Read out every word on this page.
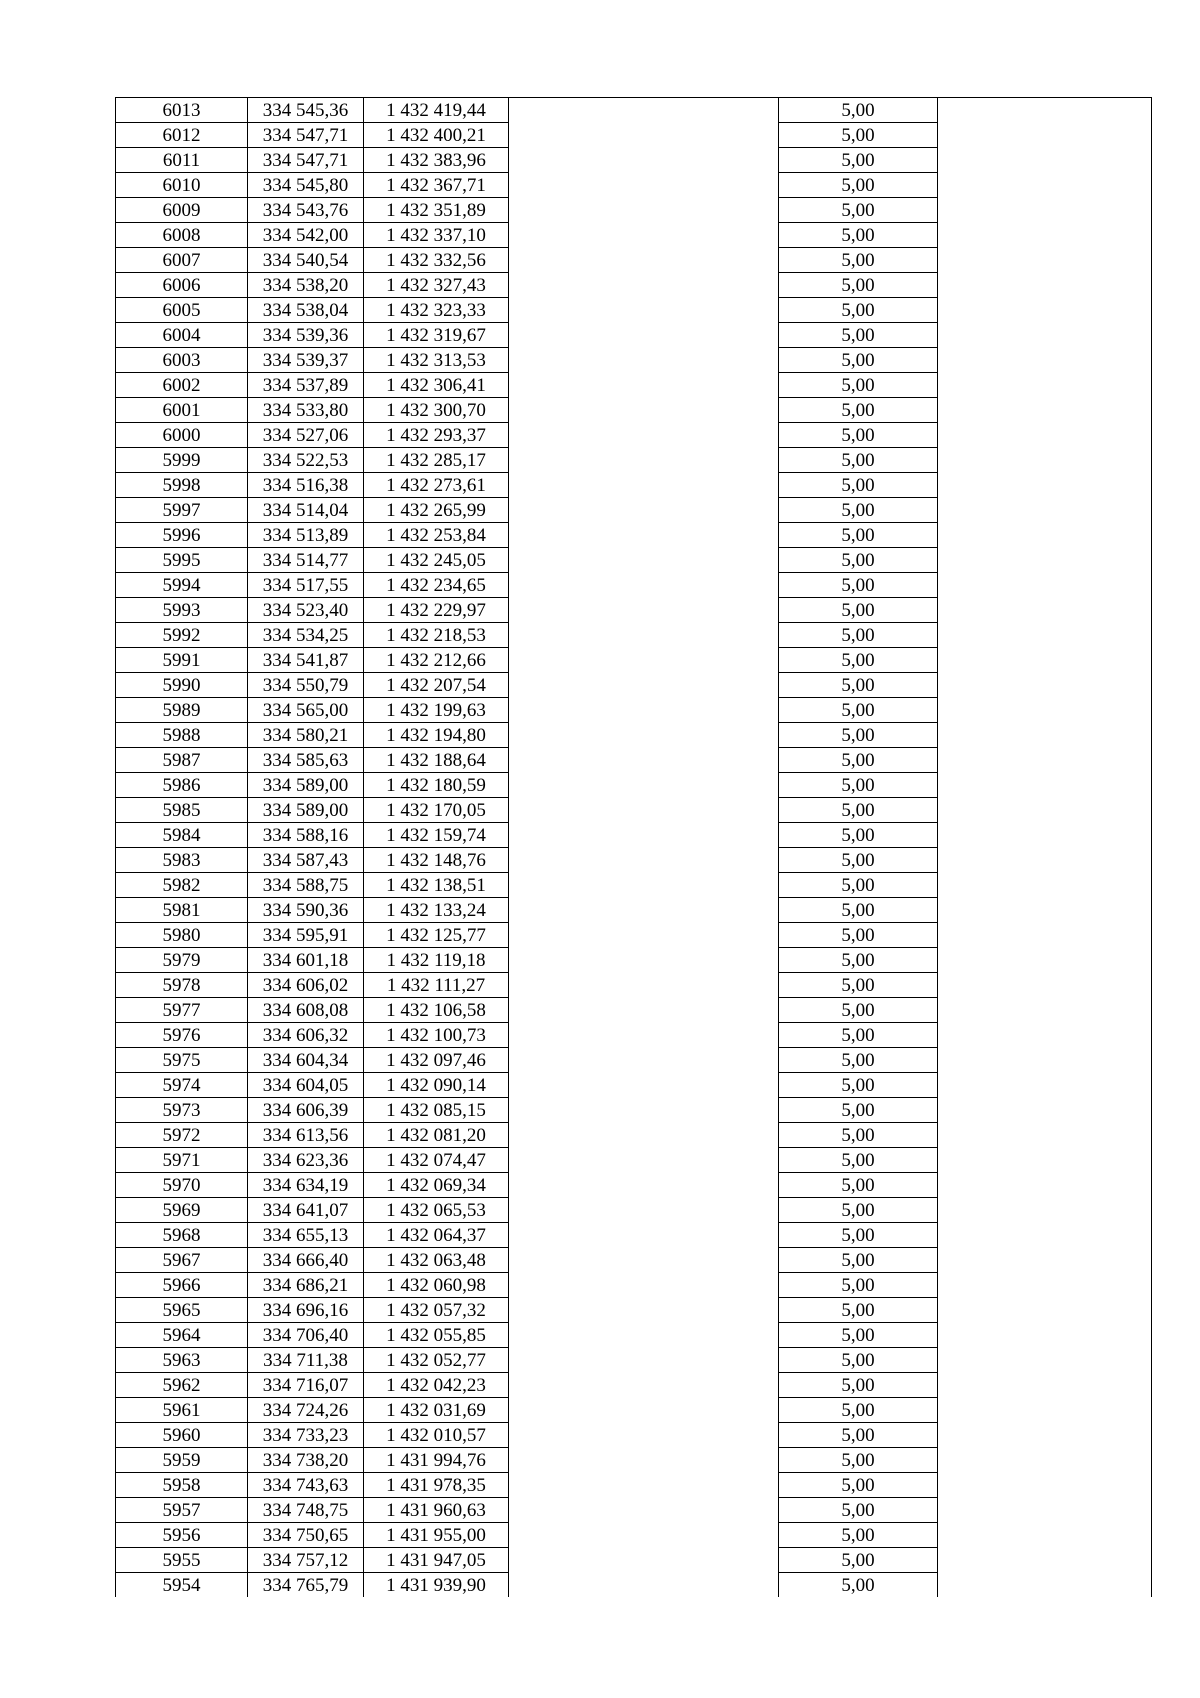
6013	334 545,36	1 432 419,44		5,00	
6012	334 547,71	1 432 400,21		5,00	
6011	334 547,71	1 432 383,96		5,00	
6010	334 545,80	1 432 367,71		5,00	
6009	334 543,76	1 432 351,89		5,00	
6008	334 542,00	1 432 337,10		5,00	
6007	334 540,54	1 432 332,56		5,00	
6006	334 538,20	1 432 327,43		5,00	
6005	334 538,04	1 432 323,33		5,00	
6004	334 539,36	1 432 319,67		5,00	
6003	334 539,37	1 432 313,53		5,00	
6002	334 537,89	1 432 306,41		5,00	
6001	334 533,80	1 432 300,70		5,00	
6000	334 527,06	1 432 293,37		5,00	
5999	334 522,53	1 432 285,17		5,00	
5998	334 516,38	1 432 273,61		5,00	
5997	334 514,04	1 432 265,99		5,00	
5996	334 513,89	1 432 253,84		5,00	
5995	334 514,77	1 432 245,05		5,00	
5994	334 517,55	1 432 234,65		5,00	
5993	334 523,40	1 432 229,97		5,00	
5992	334 534,25	1 432 218,53		5,00	
5991	334 541,87	1 432 212,66		5,00	
5990	334 550,79	1 432 207,54		5,00	
5989	334 565,00	1 432 199,63		5,00	
5988	334 580,21	1 432 194,80		5,00	
5987	334 585,63	1 432 188,64		5,00	
5986	334 589,00	1 432 180,59		5,00	
5985	334 589,00	1 432 170,05		5,00	
5984	334 588,16	1 432 159,74		5,00	
5983	334 587,43	1 432 148,76		5,00	
5982	334 588,75	1 432 138,51		5,00	
5981	334 590,36	1 432 133,24		5,00	
5980	334 595,91	1 432 125,77		5,00	
5979	334 601,18	1 432 119,18		5,00	
5978	334 606,02	1 432 111,27		5,00	
5977	334 608,08	1 432 106,58		5,00	
5976	334 606,32	1 432 100,73		5,00	
5975	334 604,34	1 432 097,46		5,00	
5974	334 604,05	1 432 090,14		5,00	
5973	334 606,39	1 432 085,15		5,00	
5972	334 613,56	1 432 081,20		5,00	
5971	334 623,36	1 432 074,47		5,00	
5970	334 634,19	1 432 069,34		5,00	
5969	334 641,07	1 432 065,53		5,00	
5968	334 655,13	1 432 064,37		5,00	
5967	334 666,40	1 432 063,48		5,00	
5966	334 686,21	1 432 060,98		5,00	
5965	334 696,16	1 432 057,32		5,00	
5964	334 706,40	1 432 055,85		5,00	
5963	334 711,38	1 432 052,77		5,00	
5962	334 716,07	1 432 042,23		5,00	
5961	334 724,26	1 432 031,69		5,00	
5960	334 733,23	1 432 010,57		5,00	
5959	334 738,20	1 431 994,76		5,00	
5958	334 743,63	1 431 978,35		5,00	
5957	334 748,75	1 431 960,63		5,00	
5956	334 750,65	1 431 955,00		5,00	
5955	334 757,12	1 431 947,05		5,00	
5954	334 765,79	1 431 939,90		5,00	
